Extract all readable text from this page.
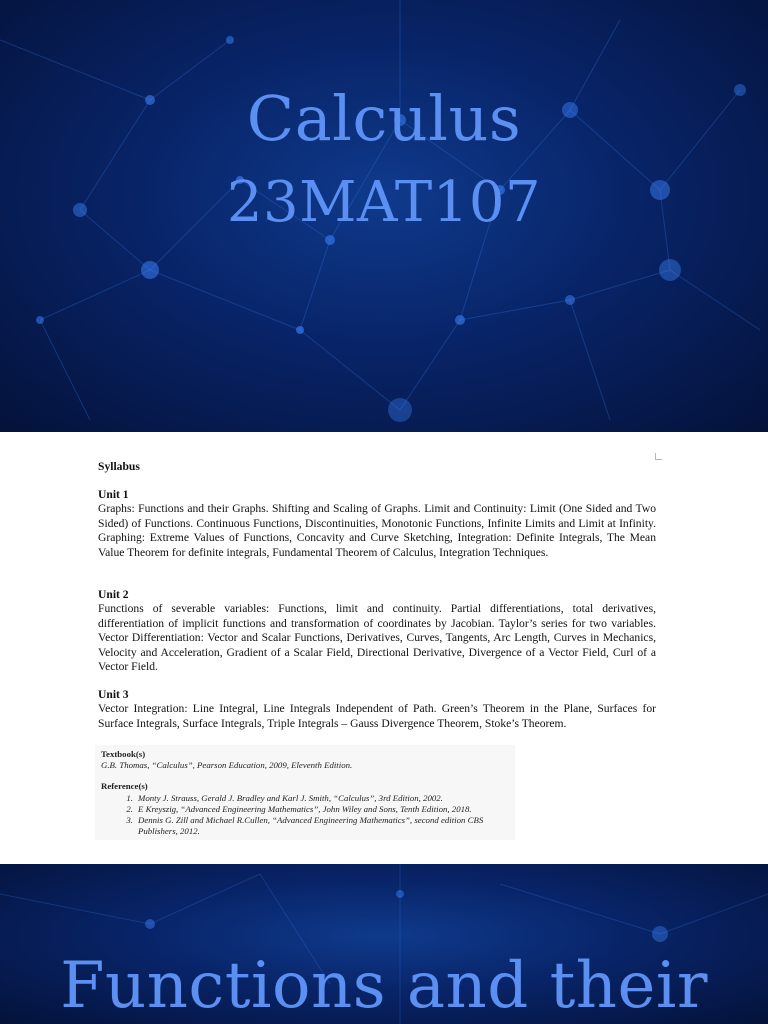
Calculus
23MAT107
Syllabus
Unit 1

Graphs: Functions and their Graphs. Shifting and Scaling of Graphs. Limit and Continuity: Limit (One Sided and Two Sided) of Functions. Continuous Functions, Discontinuities, Monotonic Functions, Infinite Limits and Limit at Infinity. Graphing: Extreme Values of Functions, Concavity and Curve Sketching, Integration: Definite Integrals, The Mean Value Theorem for definite integrals, Fundamental Theorem of Calculus, Integration Techniques.

Unit 2

Functions of severable variables: Functions, limit and continuity. Partial differentiations, total derivatives, differentiation of implicit functions and transformation of coordinates by Jacobian. Taylor’s series for two variables. Vector Differentiation: Vector and Scalar Functions, Derivatives, Curves, Tangents, Arc Length, Curves in Mechanics, Velocity and Acceleration, Gradient of a Scalar Field, Directional Derivative, Divergence of a Vector Field, Curl of a Vector Field.

Unit 3

Vector Integration: Line Integral, Line Integrals Independent of Path. Green’s Theorem in the Plane, Surfaces for Surface Integrals, Surface Integrals, Triple Integrals – Gauss Divergence Theorem, Stoke’s Theorem.

Textbook(s)
G.B. Thomas, “Calculus”, Pearson Education, 2009, Eleventh Edition.
Reference(s)
1. Monty J. Strauss, Gerald J. Bradley and Karl J. Smith, “Calculus”, 3rd Edition, 2002.
2. E Kreyszig, “Advanced Engineering Mathematics”, John Wiley and Sons, Tenth Edition, 2018.
3. Dennis G. Zill and Michael R.Cullen, “Advanced Engineering Mathematics”, second edition CBS Publishers, 2012.
Functions and their
